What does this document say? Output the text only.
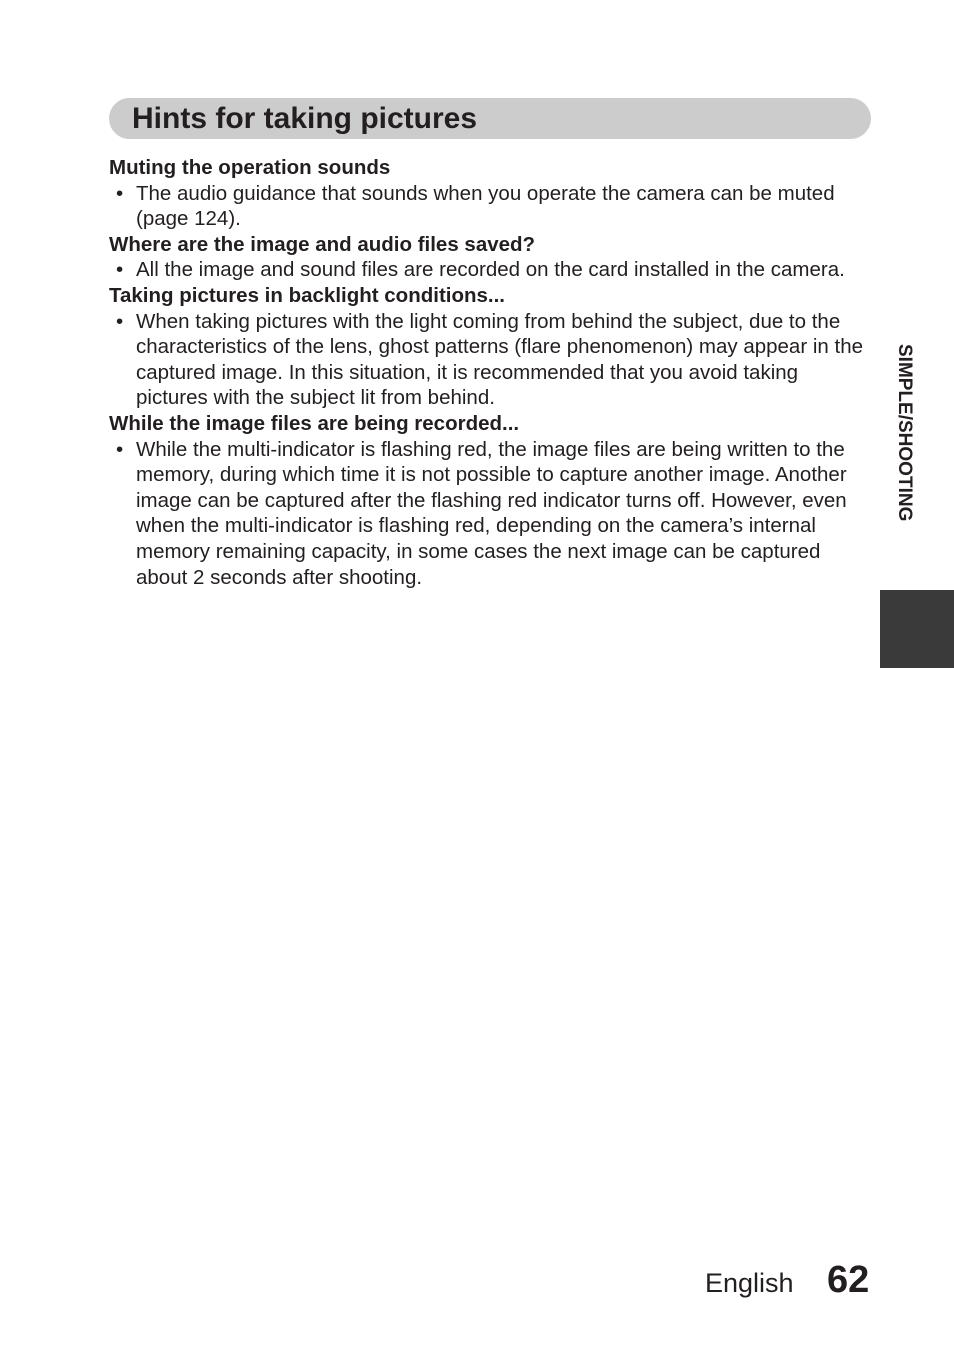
Hints for taking pictures

Muting the operation sounds

• The audio guidance that sounds when you operate the camera can be muted (page 124).

Where are the image and audio files saved?

• All the image and sound files are recorded on the card installed in the camera.

Taking pictures in backlight conditions...

• When taking pictures with the light coming from behind the subject, due to the characteristics of the lens, ghost patterns (flare phenomenon) may appear in the captured image. In this situation, it is recommended that you avoid taking pictures with the subject lit from behind.

While the image files are being recorded...

• While the multi-indicator is flashing red, the image files are being written to the memory, during which time it is not possible to capture another image. Another image can be captured after the flashing red indicator turns off. However, even when the multi-indicator is flashing red, depending on the camera’s internal memory remaining capacity, in some cases the next image can be captured about 2 seconds after shooting.

SIMPLE/SHOOTING
English 62
